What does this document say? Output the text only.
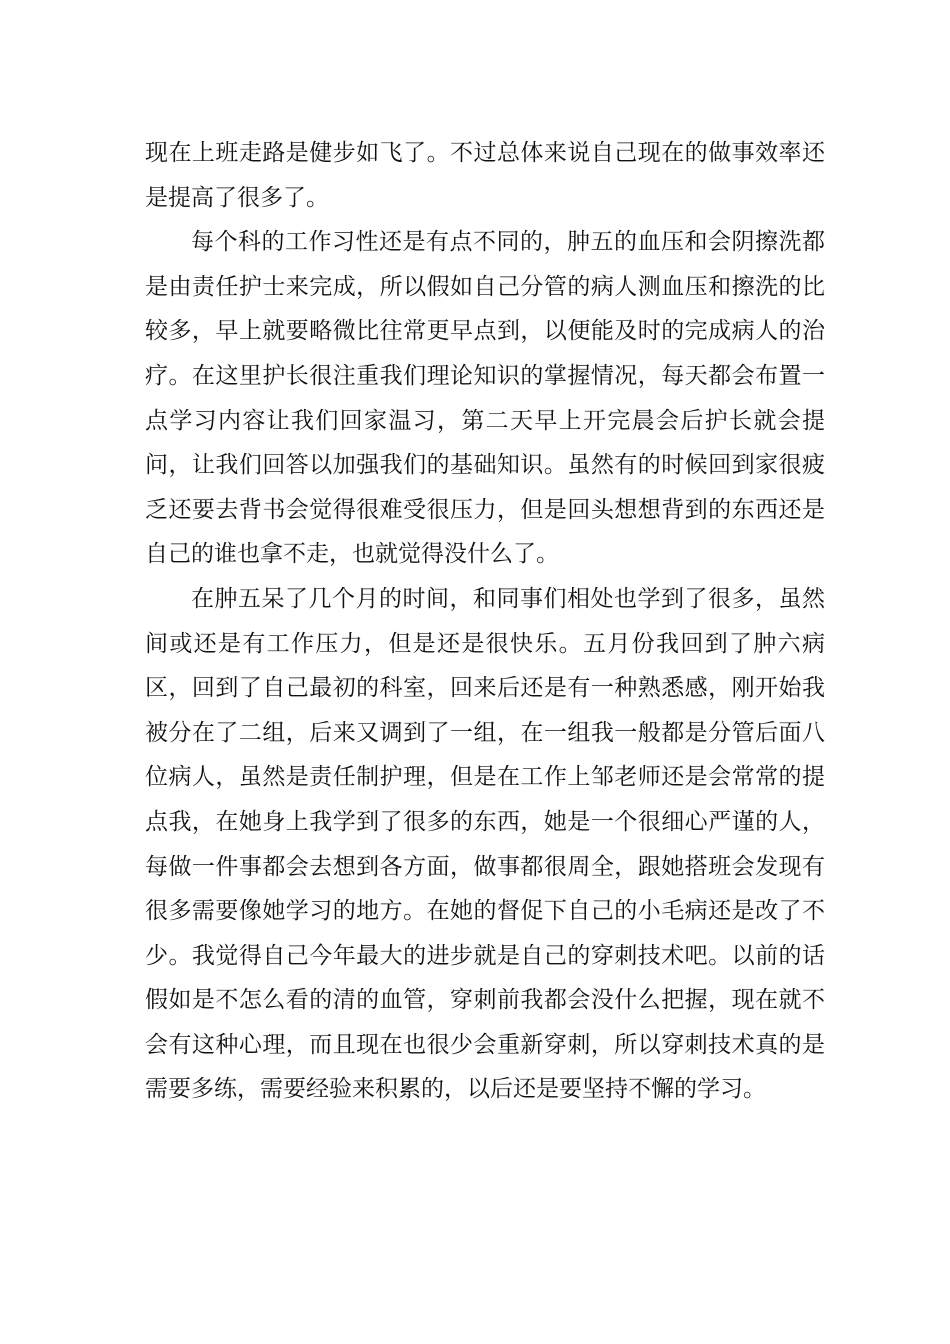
现在上班走路是健步如飞了。不过总体来说自己现在的做事效率还是提高了很多了。

每个科的工作习性还是有点不同的，肿五的血压和会阴擦洗都是由责任护士来完成，所以假如自己分管的病人测血压和擦洗的比较多，早上就要略微比往常更早点到，以便能及时的完成病人的治疗。在这里护长很注重我们理论知识的掌握情况，每天都会布置一点学习内容让我们回家温习，第二天早上开完晨会后护长就会提问，让我们回答以加强我们的基础知识。虽然有的时候回到家很疲乏还要去背书会觉得很难受很压力，但是回头想想背到的东西还是自己的谁也拿不走，也就觉得没什么了。

在肿五呆了几个月的时间，和同事们相处也学到了很多，虽然间或还是有工作压力，但是还是很快乐。五月份我回到了肿六病区，回到了自己最初的科室，回来后还是有一种熟悉感，刚开始我被分在了二组，后来又调到了一组，在一组我一般都是分管后面八位病人，虽然是责任制护理，但是在工作上邹老师还是会常常的提点我，在她身上我学到了很多的东西，她是一个很细心严谨的人，每做一件事都会去想到各方面，做事都很周全，跟她搭班会发现有很多需要像她学习的地方。在她的督促下自己的小毛病还是改了不少。我觉得自己今年最大的进步就是自己的穿刺技术吧。以前的话假如是不怎么看的清的血管，穿刺前我都会没什么把握，现在就不会有这种心理，而且现在也很少会重新穿刺，所以穿刺技术真的是需要多练，需要经验来积累的，以后还是要坚持不懈的学习。
